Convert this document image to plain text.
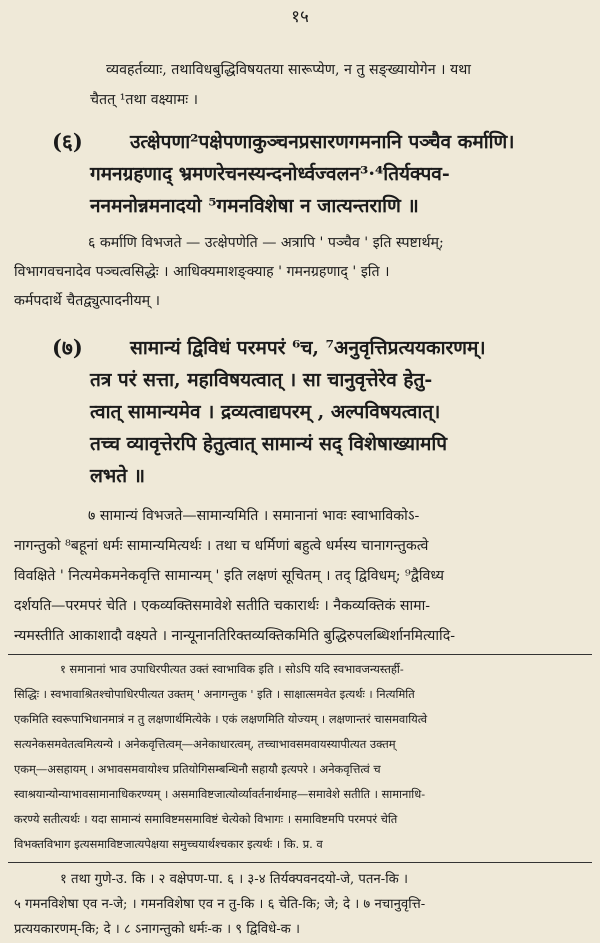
१५
व्यवहर्तव्याः, तथाविधबुद्धिविषयतया सारूप्येण, न तु सङ्ख्यायोगेन । यथा
चैतत् ¹तथा वक्ष्यामः ।
(६) उत्क्षेपणा²पक्षेपणाकुञ्चनप्रसारणगमनानि पञ्चैव कर्माणि।
गमनग्रहणाद् भ्रमणरेचनस्यन्दनोर्ध्वज्वलन³·⁴तिर्यक्पव-
ननमनोन्नमनादयो ⁵गमनविशेषा न जात्यन्तराणि ॥
६ कर्माणि विभजते — उत्क्षेपणेति — अत्रापि ' पञ्चैव ' इति स्पष्टार्थम्;
विभागवचनादेव पञ्चत्वसिद्धेः । आधिक्यमाशङ्क्याह ' गमनग्रहणाद् ' इति ।
कर्मपदार्थे चैतद्व्युत्पादनीयम् ।
(७) सामान्यं द्विविधं परमपरं ⁶च, ⁷अनुवृत्तिप्रत्ययकारणम्।
तत्र परं सत्ता, महाविषयत्वात् । सा चानुवृत्तेरेव हेतु-
त्वात् सामान्यमेव । द्रव्यत्वाद्यपरम् , अल्पविषयत्वात्।
तच्च व्यावृत्तेरपि हेतुत्वात् सामान्यं सद् विशेषाख्यामपि
लभते ॥
७ सामान्यं विभजते—सामान्यमिति । समानानां भावः स्वाभाविकोऽ-
नागन्तुको ⁸बहूनां धर्मः सामान्यमित्यर्थः । तथा च धर्मिणां बहुत्वे धर्मस्य चानागन्तुकत्वे
विवक्षिते ' नित्यमेकमनेकवृत्ति सामान्यम् ' इति लक्षणं सूचितम् । तद् द्विविधम्; ⁹द्वैविध्य
दर्शयति—परमपरं चेति । एकव्यक्तिसमावेशे सतीति चकारार्थः । नैकव्यक्तिकं सामा-
न्यमस्तीति आकाशादौ वक्ष्यते । नान्यूनानतिरिक्तव्यक्तिकमिति बुद्धिरुपलब्धिर्शानमित्यादि-
१ समानानां भाव उपाधिरपीत्यत उक्तं स्वाभाविक इति । सोऽपि यदि स्वभावजन्यस्तर्ही-
सिद्धिः । स्वभावाश्रितश्चोपाधिरपीत्यत उक्तम् ' अनागन्तुक ' इति । साक्षात्समवेत इत्यर्थः । नित्यमिति
एकमिति स्वरूपाभिधानमात्रं न तु लक्षणार्थमित्येके । एकं लक्षणमिति योज्यम् । लक्षणान्तरं चासमवायित्वे
सत्यनेकसमवेतत्वमित्यन्ये । अनेकवृत्तित्वम्—अनेकाधारत्वम्, तच्चाभावसमवायस्यापीत्यत उक्तम्
एकम्—असहायम् । अभावसमवायोश्च प्रतियोगिसम्बन्धिनौ सहायौ इत्यपरे । अनेकवृत्तित्वं च
स्वाश्रयान्योन्याभावसामानाधिकरण्यम् । असमाविष्टजात्योर्व्यावर्तनार्थमाह—समावेशे सतीति । सामानाधि-
करण्ये सतीत्यर्थः । यदा सामान्यं समाविष्टमसमाविष्टं चेत्येको विभागः । समाविष्टमपि परमपरं चेति
विभक्तविभाग इत्यसमाविष्टजात्यपेक्षया समुच्चयार्थश्चकार इत्यर्थः । कि. प्र. व
१ तथा गुणे-उ. कि । २ वक्षेपण-पा. ६ । ३-४ तिर्यक्पवनदयो-जे, पतन-कि ।
५ गमनविशेषा एव न-जे; । गमनविशेषा एव न तु-कि । ६ चेति-कि; जे; दे । ७ नचानुवृत्ति-
प्रत्ययकारणम्-कि; दे । ८ ऽनागन्तुको धर्मः-क । ९ द्विविधे-क ।
